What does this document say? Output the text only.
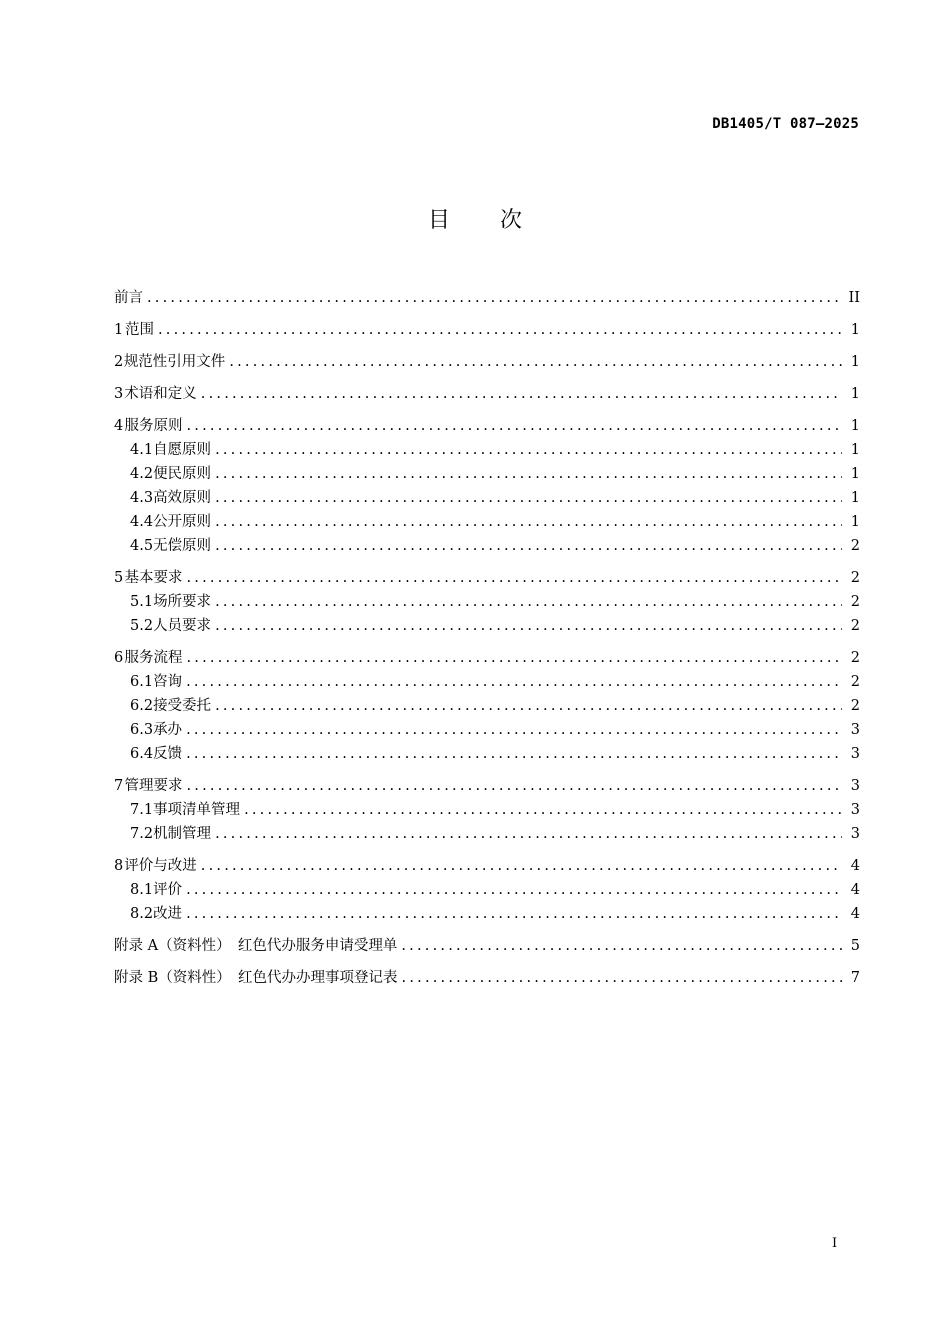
DB1405/T 087—2025
目次
前言 .....	II
1 范围 .....	1
2 规范性引用文件 .....	1
3 术语和定义 .....	1
4 服务原则 .....	1
4.1 自愿原则 .....	1
4.2 便民原则 .....	1
4.3 高效原则 .....	1
4.4 公开原则 .....	1
4.5 无偿原则 .....	2
5 基本要求 .....	2
5.1 场所要求 .....	2
5.2 人员要求 .....	2
6 服务流程 .....	2
6.1 咨询 .....	2
6.2 接受委托 .....	2
6.3 承办 .....	3
6.4 反馈 .....	3
7 管理要求 .....	3
7.1 事项清单管理 .....	3
7.2 机制管理 .....	3
8 评价与改进 .....	4
8.1 评价 .....	4
8.2 改进 .....	4
附录 A（资料性）　红色代办服务申请受理单 .....	5
附录 B（资料性）　红色代办办理事项登记表 .....	7
I
